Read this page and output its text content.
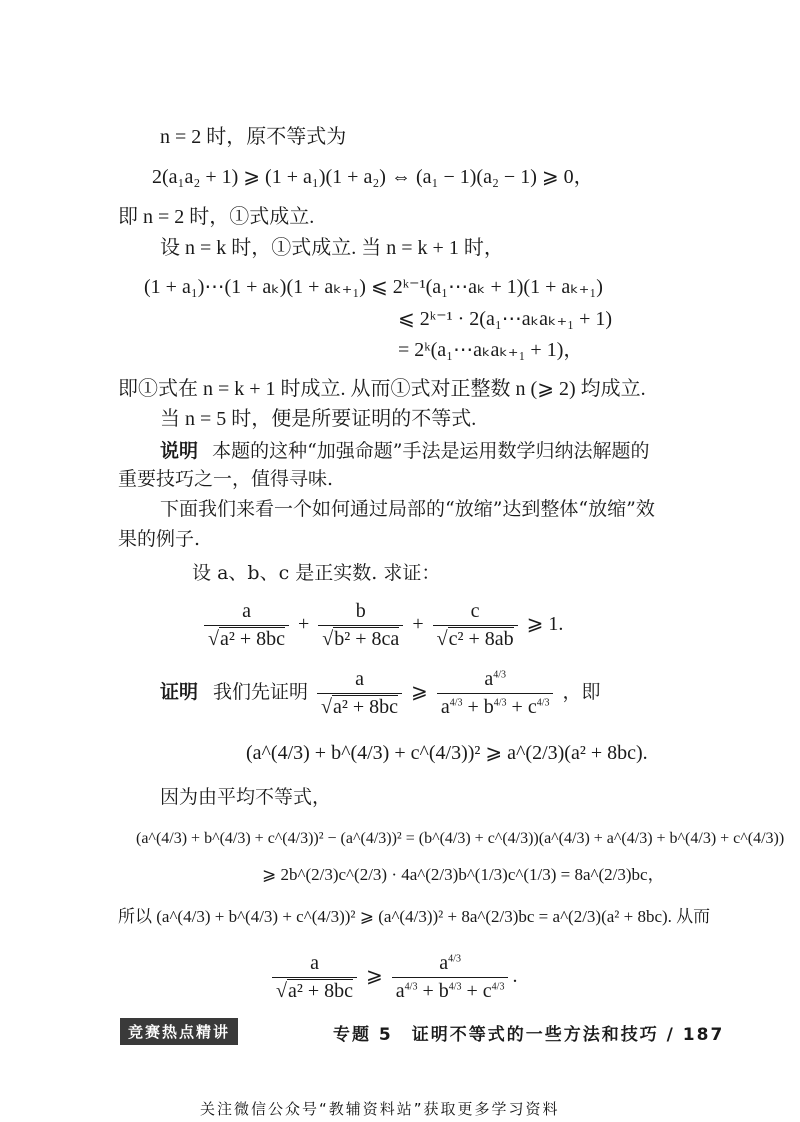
n = 2 时，原不等式为
2(a₁a₂ + 1) ⩾ (1 + a₁)(1 + a₂) ⇔ (a₁ − 1)(a₂ − 1) ⩾ 0，
即 n = 2 时，①式成立.
设 n = k 时，①式成立. 当 n = k + 1 时，
(1 + a₁)⋯(1 + aₖ)(1 + aₖ₊₁) ⩽ 2ᵏ⁻¹(a₁⋯aₖ + 1)(1 + aₖ₊₁)
⩽ 2ᵏ⁻¹ · 2(a₁⋯aₖaₖ₊₁ + 1)
= 2ᵏ(a₁⋯aₖaₖ₊₁ + 1)，
即①式在 n = k + 1 时成立. 从而①式对正整数 n (⩾ 2) 均成立.
当 n = 5 时，便是所要证明的不等式.
说明 本题的这种“加强命题”手法是运用数学归纳法解题的
重要技巧之一，值得寻味.
下面我们来看一个如何通过局部的“放缩”达到整体“放缩”效
果的例子.
设 a、b、c 是正实数. 求证：
$\frac{a}{\text{√a² + 8bc}} + \frac{b}{\text{√b² + 8ca}} + \frac{c}{\text{√c² + 8ab}}$ ⩾ 1.
证明 我们先证明 $\frac{a}{\text{√a² + 8bc}}$ ⩾ $\frac{a^{4/3}}{a^{4/3} + b^{4/3} + c^{4/3}}$ ，即
(a^(4/3) + b^(4/3) + c^(4/3))² ⩾ a^(2/3)(a² + 8bc).
因为由平均不等式，
(a^(4/3) + b^(4/3) + c^(4/3))² − (a^(4/3))² = (b^(4/3) + c^(4/3))(a^(4/3) + a^(4/3) + b^(4/3) + c^(4/3))
⩾ 2b^(2/3)c^(2/3) · 4a^(2/3)b^(1/3)c^(1/3) = 8a^(2/3)bc，
所以 (a^(4/3) + b^(4/3) + c^(4/3))² ⩾ (a^(4/3))² + 8a^(2/3)bc = a^(2/3)(a² + 8bc). 从而
$\frac{a}{\text{√a² + 8bc}}$ ⩾ $\frac{a^{4/3}}{a^{4/3} + b^{4/3} + c^{4/3}}$ .
竞赛热点精讲	专题 5　证明不等式的一些方法和技巧 / 187
关注微信公众号“教辅资料站”获取更多学习资料
